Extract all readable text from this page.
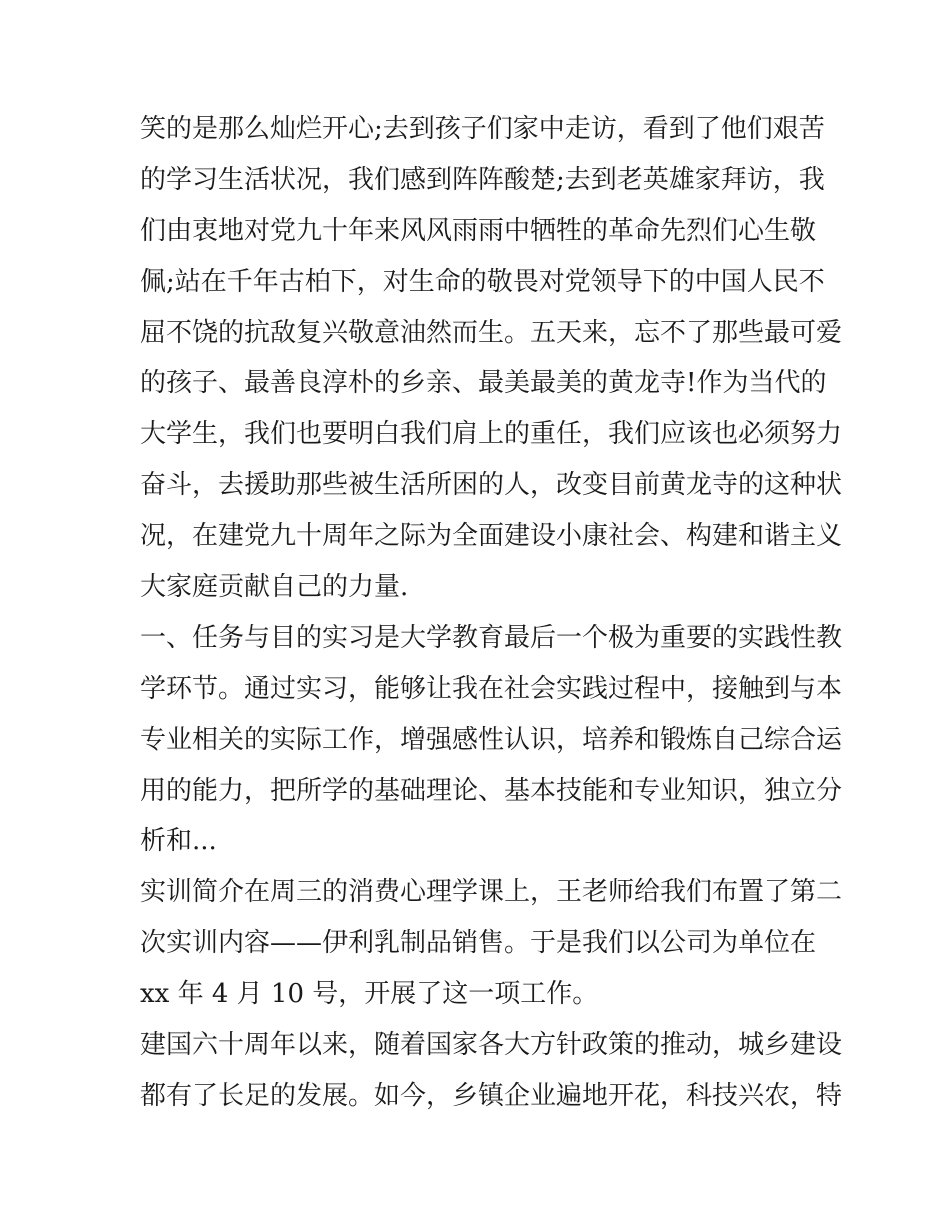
笑的是那么灿烂开心;去到孩子们家中走访，看到了他们艰苦
的学习生活状况，我们感到阵阵酸楚;去到老英雄家拜访，我
们由衷地对党九十年来风风雨雨中牺牲的革命先烈们心生敬
佩;站在千年古柏下，对生命的敬畏对党领导下的中国人民不
屈不饶的抗敌复兴敬意油然而生。五天来，忘不了那些最可爱
的孩子、最善良淳朴的乡亲、最美最美的黄龙寺!作为当代的
大学生，我们也要明白我们肩上的重任，我们应该也必须努力
奋斗，去援助那些被生活所困的人，改变目前黄龙寺的这种状
况，在建党九十周年之际为全面建设小康社会、构建和谐主义
大家庭贡献自己的力量.
一、任务与目的实习是大学教育最后一个极为重要的实践性教
学环节。通过实习，能够让我在社会实践过程中，接触到与本
专业相关的实际工作，增强感性认识，培养和锻炼自己综合运
用的能力，把所学的基础理论、基本技能和专业知识，独立分
析和...
实训简介在周三的消费心理学课上，王老师给我们布置了第二
次实训内容——伊利乳制品销售。于是我们以公司为单位在
xx 年 4 月 10 号，开展了这一项工作。
建国六十周年以来，随着国家各大方针政策的推动，城乡建设
都有了长足的发展。如今，乡镇企业遍地开花，科技兴农，特
